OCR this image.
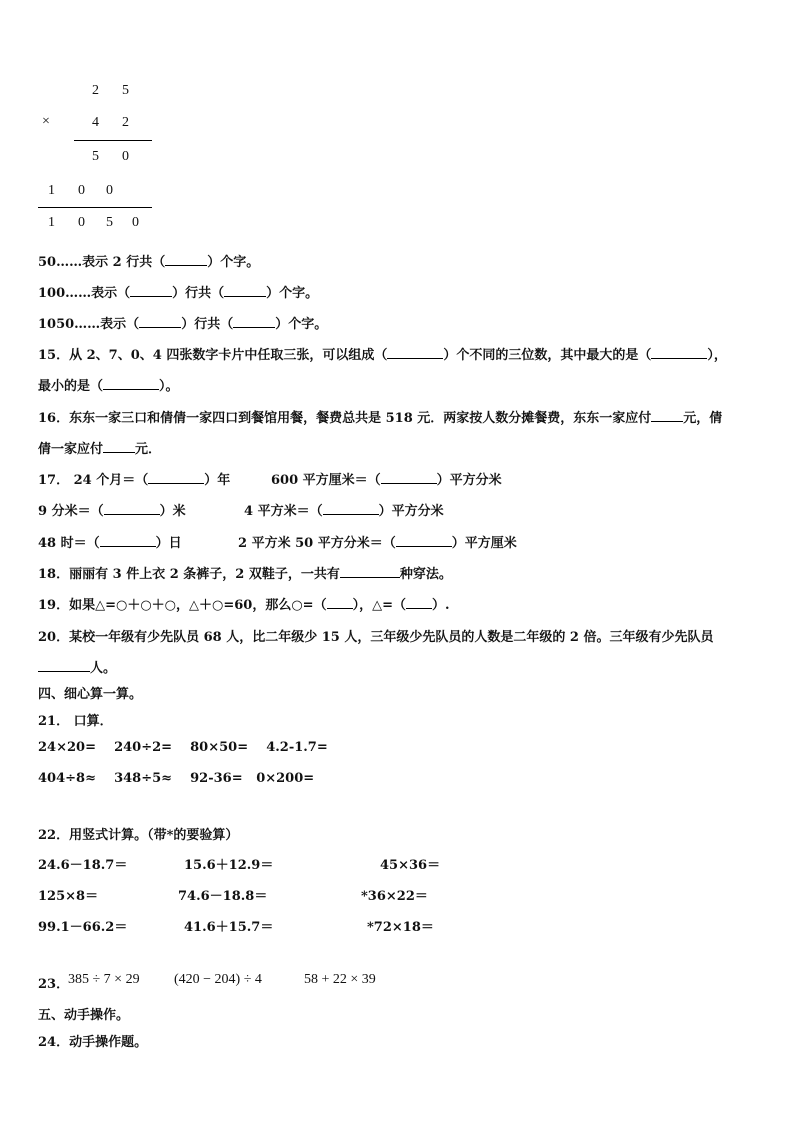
2 5
×	4 2
5 0
1 0 0
1 0 5 0
50……表示 2 行共（	）个字。
100……表示（	）行共（	）个字。
1050……表示（	）行共（	）个字。
15．从 2、7、0、4 四张数字卡片中任取三张，可以组成（	）个不同的三位数，其中最大的是（	），
最小的是（	）。
16．东东一家三口和倩倩一家四口到餐馆用餐，餐费总共是 518 元．两家按人数分摊餐费，东东一家应付 元，倩
倩一家应付 元．
17． 24 个月＝（	）年	600 平方厘米＝（	）平方分米
9 分米＝（	）米	4 平方米＝（	）平方分米
48 时＝（	）日	2 平方米 50 平方分米＝（	）平方厘米
18．丽丽有 3 件上衣 2 条裤子，2 双鞋子，一共有	种穿法。
19．如果△=○＋○＋○，△＋○=60，那么○=（ ），△=（ ）.
20．某校一年级有少先队员 68 人，比二年级少 15 人，三年级少先队员的人数是二年级的 2 倍。三年级有少先队员
人。
四、细心算一算。
21． 口算．
24×20=    240÷2=    80×50=    4.2-1.7=
404÷8≈    348÷5≈    92-36=   0×200=
22．用竖式计算。（带*的要验算）
24.6－18.7＝	15.6＋12.9＝	45×36＝
125×8＝	74.6－18.8＝	*36×22＝
99.1－66.2＝	41.6＋15.7＝	*72×18＝
23．
385 ÷ 7 × 29 (420 − 204) ÷ 4	58 + 22 × 39
五、动手操作。
24．动手操作题。
